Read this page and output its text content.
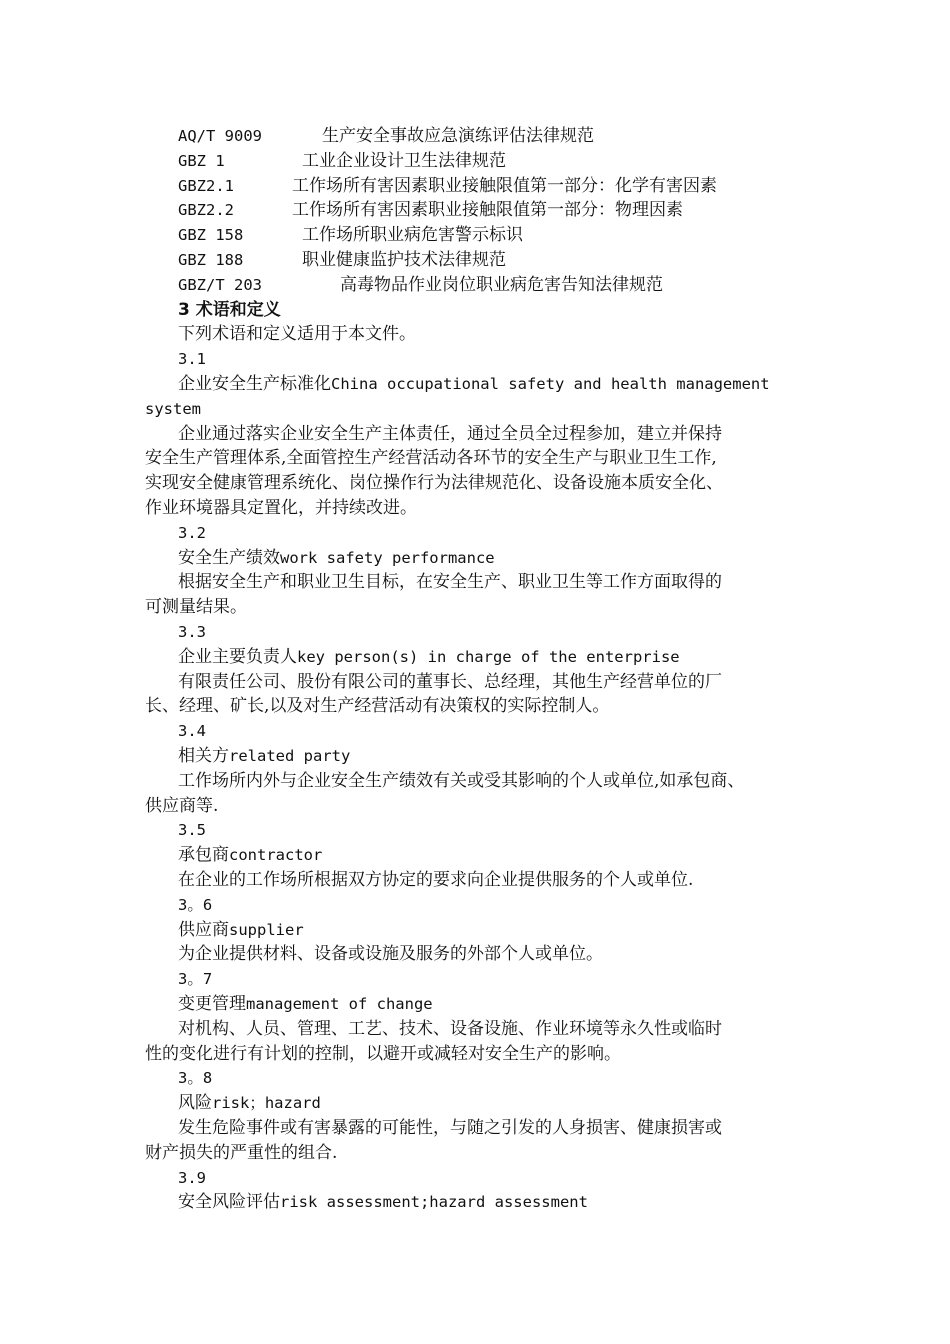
AQ/T 9009	生产安全事故应急演练评估法律规范
GBZ 1	工业企业设计卫生法律规范
GBZ2.1	工作场所有害因素职业接触限值第一部分：化学有害因素
GBZ2.2	工作场所有害因素职业接触限值第一部分：物理因素
GBZ 158	工作场所职业病危害警示标识
GBZ 188	职业健康监护技术法律规范
GBZ/T 203	高毒物品作业岗位职业病危害告知法律规范
3 术语和定义
下列术语和定义适用于本文件。
3.1
企业安全生产标准化China occupational safety and health management
system
企业通过落实企业安全生产主体责任，通过全员全过程参加，建立并保持
安全生产管理体系,全面管控生产经营活动各环节的安全生产与职业卫生工作,
实现安全健康管理系统化、岗位操作行为法律规范化、设备设施本质安全化、
作业环境器具定置化，并持续改进。
3.2
安全生产绩效work safety performance
根据安全生产和职业卫生目标，在安全生产、职业卫生等工作方面取得的
可测量结果。
3.3
企业主要负责人key person(s) in charge of the enterprise
有限责任公司、股份有限公司的董事长、总经理，其他生产经营单位的厂
长、经理、矿长,以及对生产经营活动有决策权的实际控制人。
3.4
相关方related party
工作场所内外与企业安全生产绩效有关或受其影响的个人或单位,如承包商、
供应商等.
3.5
承包商contractor
在企业的工作场所根据双方协定的要求向企业提供服务的个人或单位.
3。6
供应商supplier
为企业提供材料、设备或设施及服务的外部个人或单位。
3。7
变更管理management of change
对机构、人员、管理、工艺、技术、设备设施、作业环境等永久性或临时
性的变化进行有计划的控制，以避开或减轻对安全生产的影响。
3。8
风险risk；hazard
发生危险事件或有害暴露的可能性，与随之引发的人身损害、健康损害或
财产损失的严重性的组合.
3.9
安全风险评估risk assessment;hazard assessment
